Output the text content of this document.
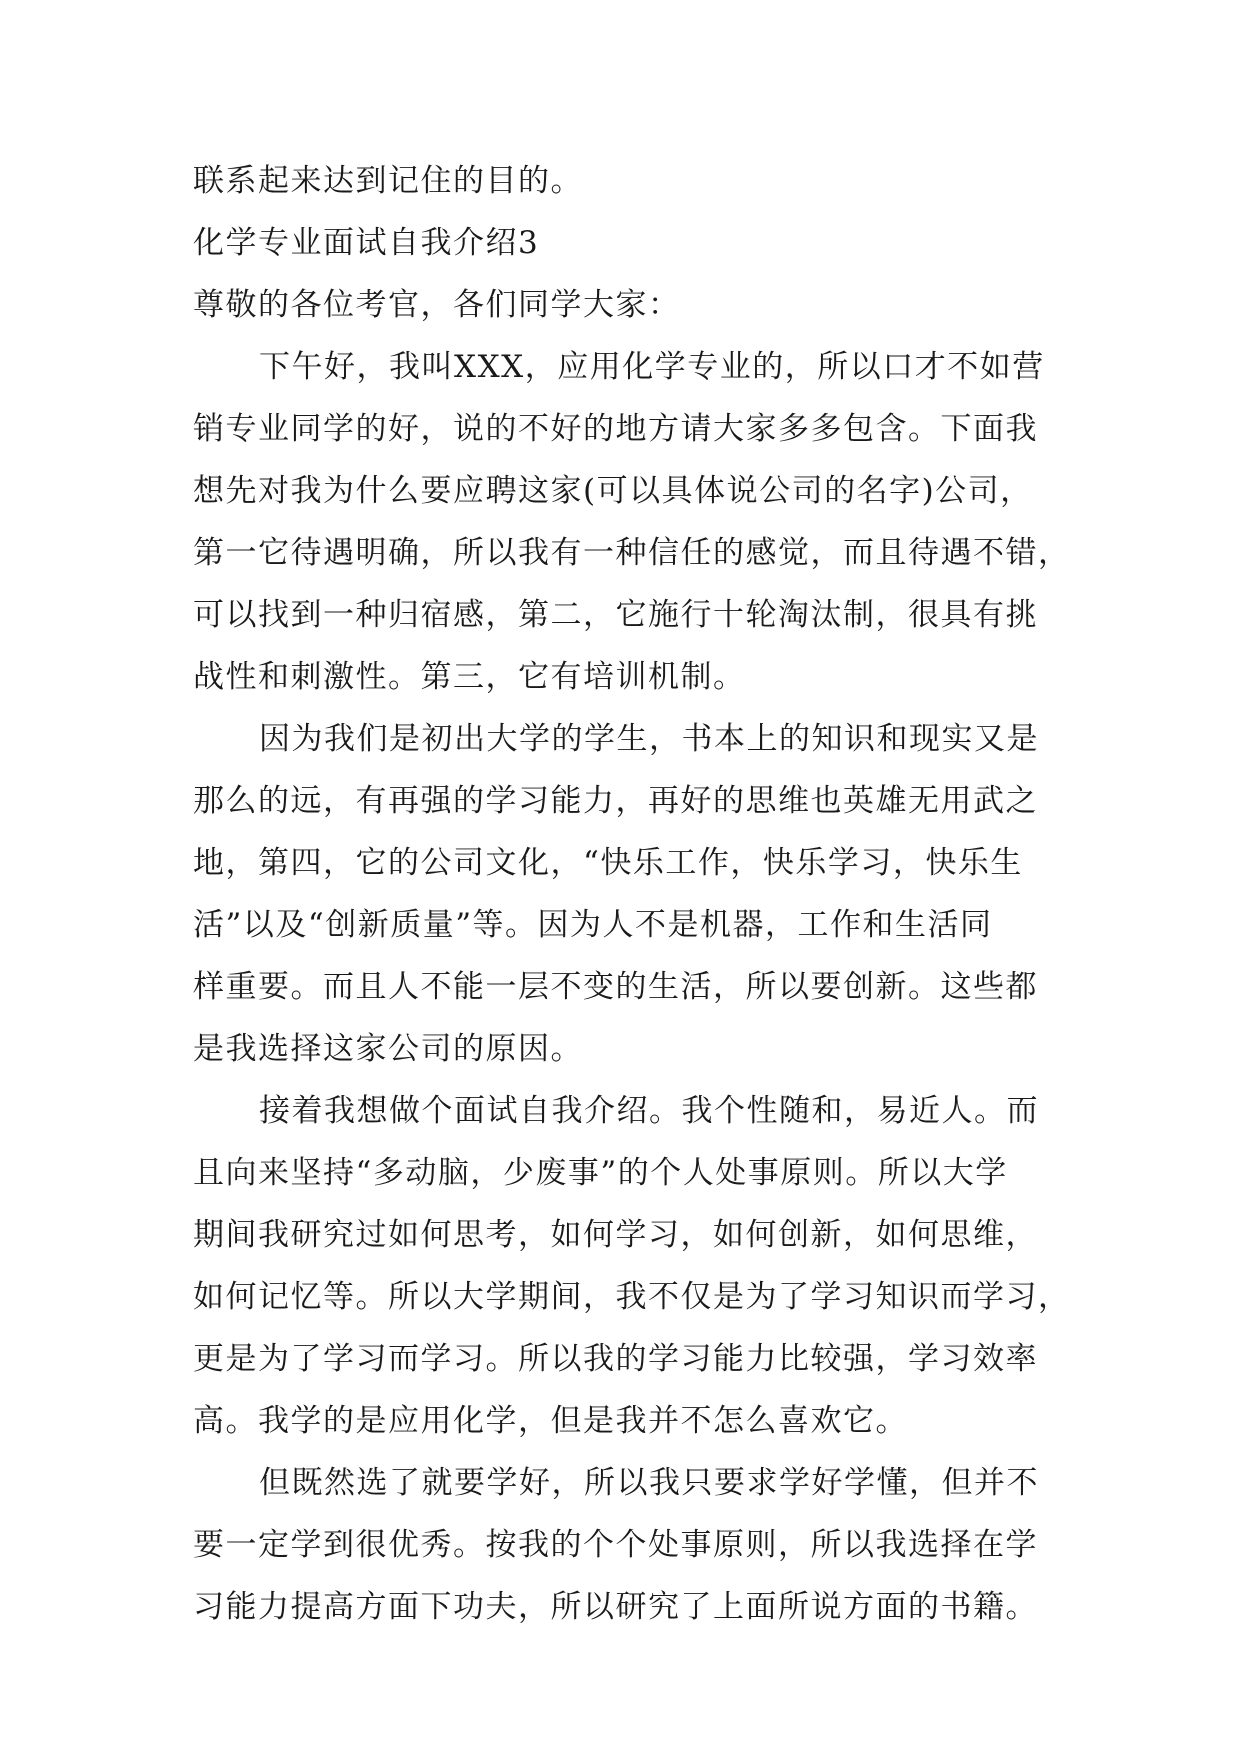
联系起来达到记住的目的。
化学专业面试自我介绍3
尊敬的各位考官，各们同学大家：
下午好，我叫XXX，应用化学专业的，所以口才不如营
销专业同学的好，说的不好的地方请大家多多包含。下面我
想先对我为什么要应聘这家(可以具体说公司的名字)公司，
第一它待遇明确，所以我有一种信任的感觉，而且待遇不错，
可以找到一种归宿感，第二，它施行十轮淘汰制，很具有挑
战性和刺激性。第三，它有培训机制。
因为我们是初出大学的学生，书本上的知识和现实又是
那么的远，有再强的学习能力，再好的思维也英雄无用武之
地，第四，它的公司文化，“快乐工作，快乐学习，快乐生
活”以及“创新质量”等。因为人不是机器，工作和生活同
样重要。而且人不能一层不变的生活，所以要创新。这些都
是我选择这家公司的原因。
接着我想做个面试自我介绍。我个性随和，易近人。而
且向来坚持“多动脑，少废事”的个人处事原则。所以大学
期间我研究过如何思考，如何学习，如何创新，如何思维，
如何记忆等。所以大学期间，我不仅是为了学习知识而学习，
更是为了学习而学习。所以我的学习能力比较强，学习效率
高。我学的是应用化学，但是我并不怎么喜欢它。
但既然选了就要学好，所以我只要求学好学懂，但并不
要一定学到很优秀。按我的个个处事原则，所以我选择在学
习能力提高方面下功夫，所以研究了上面所说方面的书籍。
